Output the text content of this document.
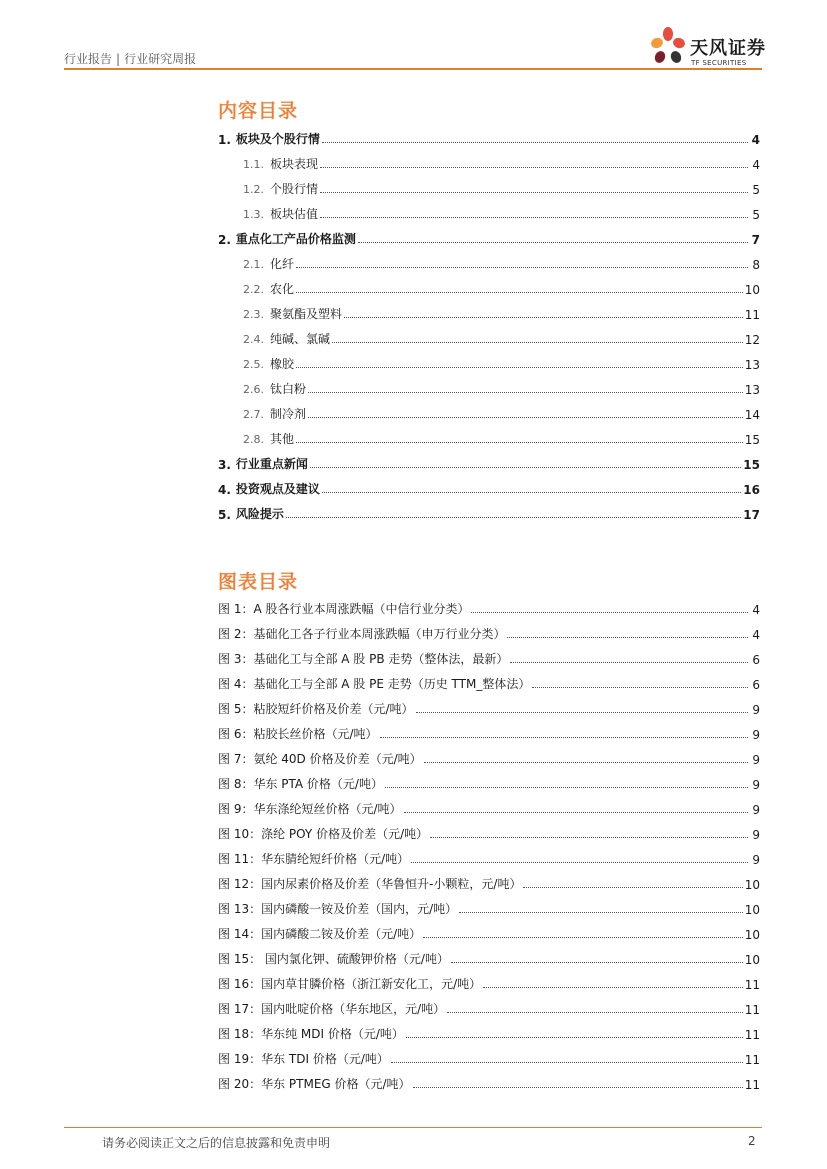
行业报告 | 行业研究周报	天风证券
TF SECURITIES
内容目录
1. 板块及个股行情	4
1.1. 板块表现	4
1.2. 个股行情	5
1.3. 板块估值	5
2. 重点化工产品价格监测	7
2.1. 化纤	8
2.2. 农化	10
2.3. 聚氨酯及塑料	11
2.4. 纯碱、氯碱	12
2.5. 橡胶	13
2.6. 钛白粉	13
2.7. 制冷剂	14
2.8. 其他	15
3. 行业重点新闻	15
4. 投资观点及建议	16
5. 风险提示	17
图表目录
图 1：A 股各行业本周涨跌幅（中信行业分类）	4
图 2：基础化工各子行业本周涨跌幅（申万行业分类）	4
图 3：基础化工与全部 A 股 PB 走势（整体法，最新）	6
图 4：基础化工与全部 A 股 PE 走势（历史 TTM_整体法）	6
图 5：粘胶短纤价格及价差（元/吨）	9
图 6：粘胶长丝价格（元/吨）	9
图 7：氨纶 40D 价格及价差（元/吨）	9
图 8：华东 PTA 价格（元/吨）	9
图 9：华东涤纶短丝价格（元/吨）	9
图 10：涤纶 POY 价格及价差（元/吨）	9
图 11：华东腈纶短纤价格（元/吨）	9
图 12：国内尿素价格及价差（华鲁恒升-小颗粒，元/吨）	10
图 13：国内磷酸一铵及价差（国内，元/吨）	10
图 14：国内磷酸二铵及价差（元/吨）	10
图 15： 国内氯化钾、硫酸钾价格（元/吨）	10
图 16：国内草甘膦价格（浙江新安化工，元/吨）	11
图 17：国内吡啶价格（华东地区，元/吨）	11
图 18：华东纯 MDI 价格（元/吨）	11
图 19：华东 TDI 价格（元/吨）	11
图 20：华东 PTMEG 价格（元/吨）	11
请务必阅读正文之后的信息披露和免责申明	2
